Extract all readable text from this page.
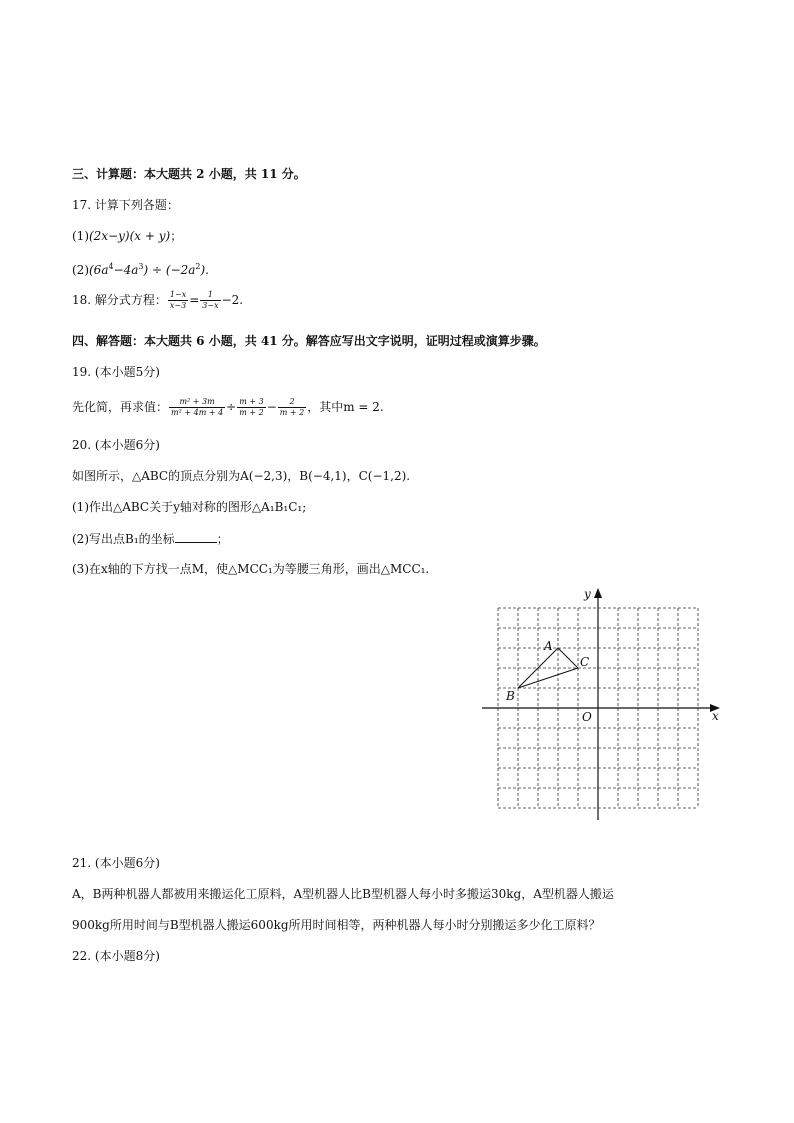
三、计算题：本大题共 2 小题，共 11 分。
17. 计算下列各题：
(1)(2x−y)(x + y)；
$(2)(6a^4-4a^3) \div (-2a^2)$.
18. 解分式方程： $\frac{1-x}{x-3} = \frac{1}{3-x} -2$.
四、解答题：本大题共 6 小题，共 41 分。解答应写出文字说明，证明过程或演算步骤。
19. (本小题5分)
先化简，再求值： $\frac{\text{m² + 3m}}{\text{m² + 4m + 4}} \div \frac{m + 3}{m + 2} - \frac{2}{m + 2}$ ，其中m = 2.
20. (本小题6分)
如图所示，△ABC的顶点分别为A(−2,3)，B(−4,1)，C(−1,2).
(1)作出△ABC关于y轴对称的图形△A₁B₁C₁;
(2)写出点B₁的坐标	；
(3)在x轴的下方找一点M，使△MCC₁为等腰三角形，画出△MCC₁.
x
y
O
A
B
C
21. (本小题6分)
A，B两种机器人都被用来搬运化工原料，A型机器人比B型机器人每小时多搬运30kg，A型机器人搬运
900kg所用时间与B型机器人搬运600kg所用时间相等，两种机器人每小时分别搬运多少化工原料？
22. (本小题8分)
